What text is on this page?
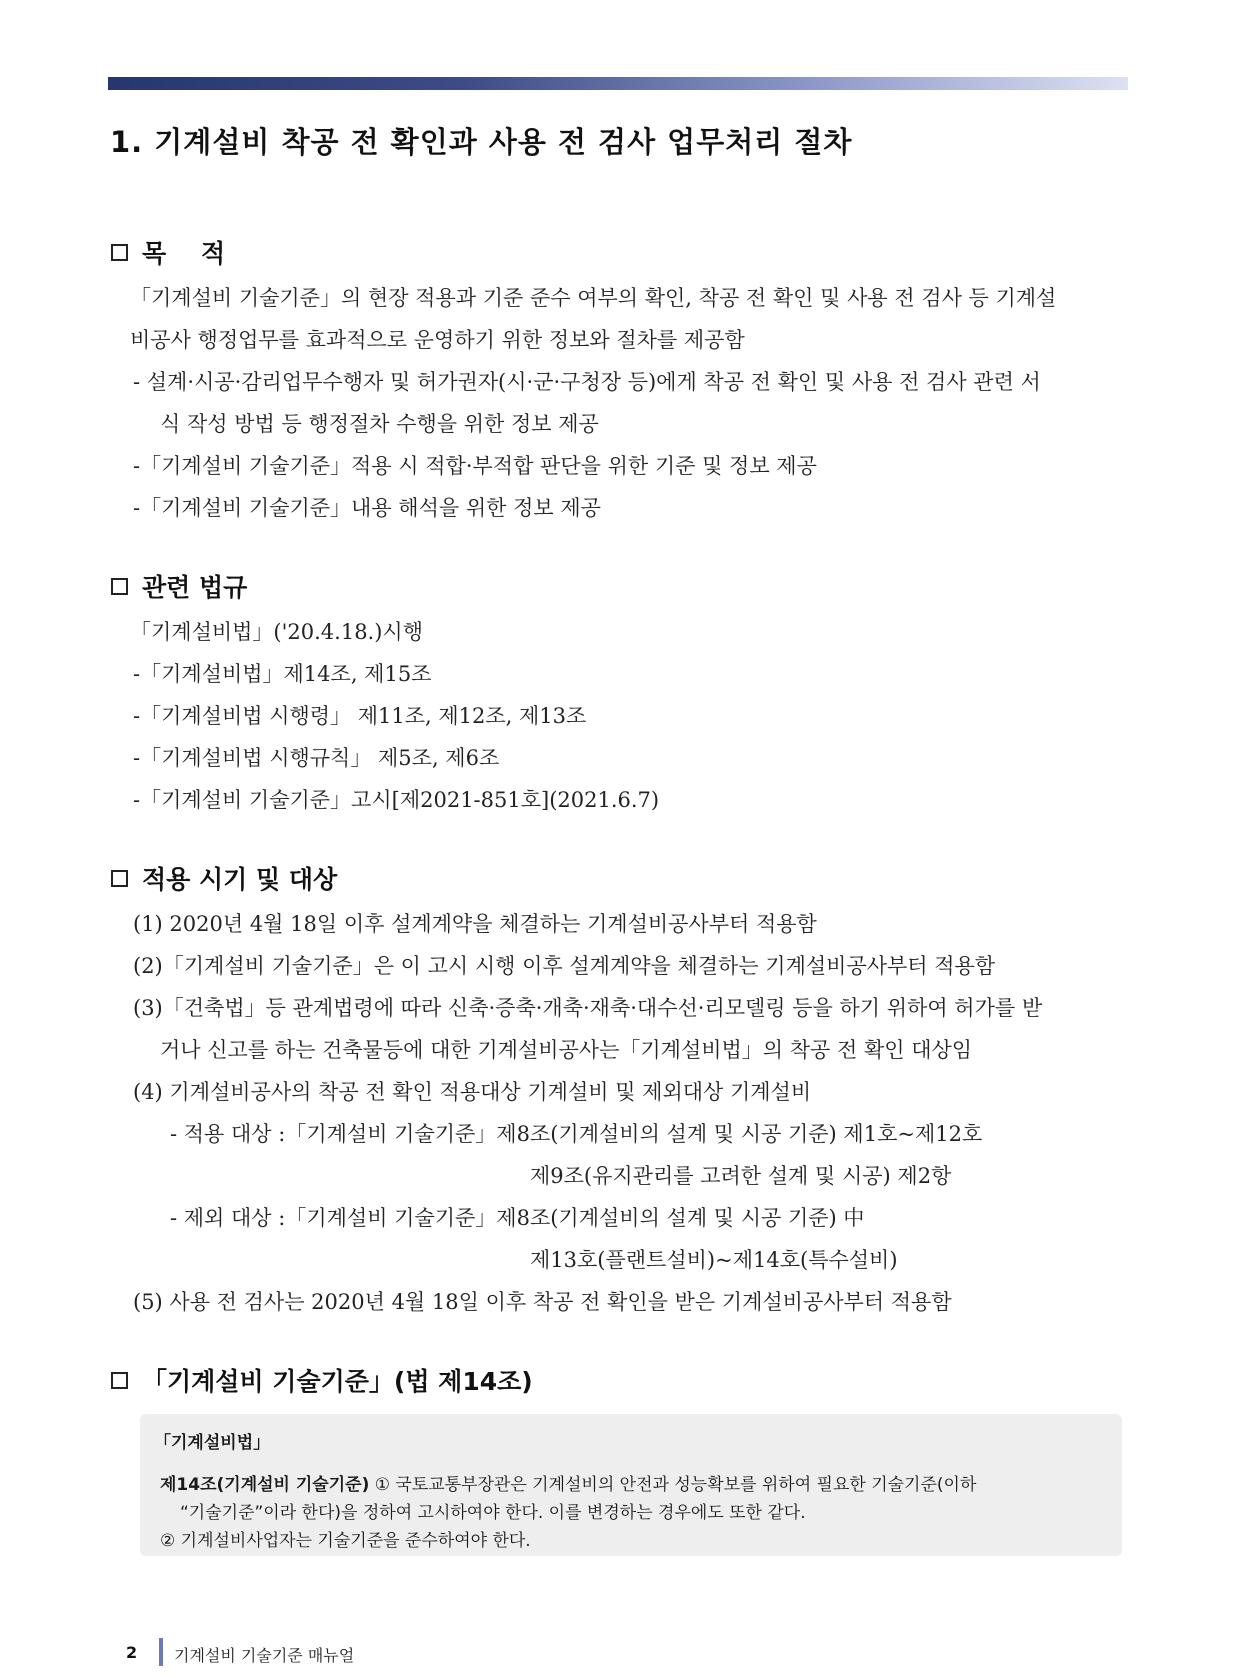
1. 기계설비 착공 전 확인과 사용 전 검사 업무처리 절차
목    적

「기계설비 기술기준」의 현장 적용과 기준 준수 여부의 확인, 착공 전 확인 및 사용 전 검사 등 기계설

비공사 행정업무를 효과적으로 운영하기 위한 정보와 절차를 제공함

- 설계·시공·감리업무수행자 및 허가권자(시·군·구청장 등)에게 착공 전 확인 및 사용 전 검사 관련 서

식 작성 방법 등 행정절차 수행을 위한 정보 제공

-「기계설비 기술기준」적용 시 적합·부적합 판단을 위한 기준 및 정보 제공

-「기계설비 기술기준」내용 해석을 위한 정보 제공

관련 법규

「기계설비법」('20.4.18.)시행

-「기계설비법」제14조, 제15조

-「기계설비법 시행령」 제11조, 제12조, 제13조

-「기계설비법 시행규칙」 제5조, 제6조

-「기계설비 기술기준」고시[제2021-851호](2021.6.7)

적용 시기 및 대상

(1) 2020년 4월 18일 이후 설계계약을 체결하는 기계설비공사부터 적용함

(2)「기계설비 기술기준」은 이 고시 시행 이후 설계계약을 체결하는 기계설비공사부터 적용함

(3)「건축법」등 관계법령에 따라 신축·증축·개축·재축·대수선·리모델링 등을 하기 위하여 허가를 받

거나 신고를 하는 건축물등에 대한 기계설비공사는「기계설비법」의 착공 전 확인 대상임

(4) 기계설비공사의 착공 전 확인 적용대상 기계설비 및 제외대상 기계설비

- 적용 대상 :「기계설비 기술기준」제8조(기계설비의 설계 및 시공 기준) 제1호~제12호

제9조(유지관리를 고려한 설계 및 시공) 제2항

- 제외 대상 :「기계설비 기술기준」제8조(기계설비의 설계 및 시공 기준) 中

제13호(플랜트설비)~제14호(특수설비)

(5) 사용 전 검사는 2020년 4월 18일 이후 착공 전 확인을 받은 기계설비공사부터 적용함

「기계설비 기술기준」(법 제14조)

「기계설비법」

제14조(기계설비 기술기준) ① 국토교통부장관은 기계설비의 안전과 성능확보를 위하여 필요한 기술기준(이하

“기술기준”이라 한다)을 정하여 고시하여야 한다. 이를 변경하는 경우에도 또한 같다.

② 기계설비사업자는 기술기준을 준수하여야 한다.

2 기계설비 기술기준 매뉴얼
